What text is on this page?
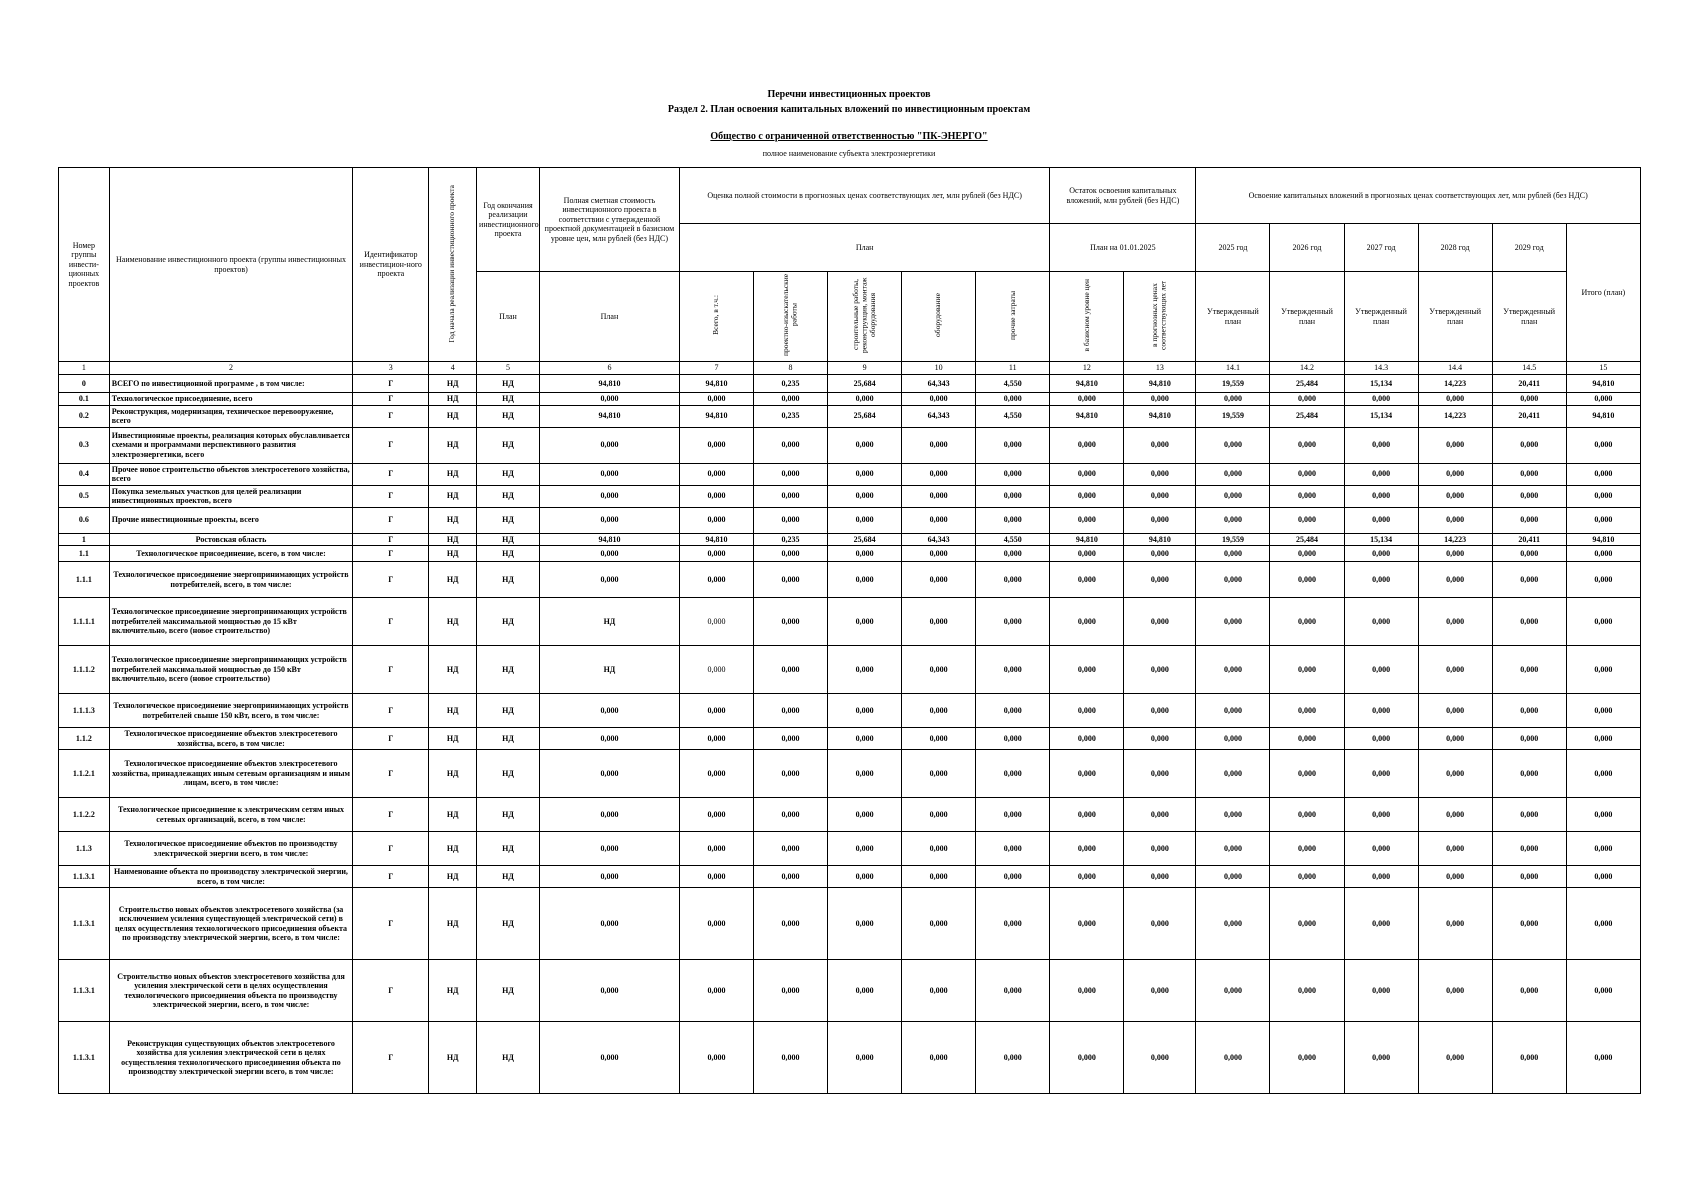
Перечни инвестиционных проектов
Раздел 2. План освоения капитальных вложений по инвестиционным проектам
Общество с ограниченной ответственностью "ПК-ЭНЕРГО"
полное наименование субъекта электроэнергетики
Номер группы инвести-ционных проектов	Наименование инвестиционного проекта (группы инвестиционных проектов)	Идентификатор инвестицион-ного проекта	Год начала реализации инвестиционного проекта	Год окончания реализации инвестиционного проекта	Полная сметная стоимость инвестиционного проекта в соответствии с утвержденной проектной документацией в базисном уровне цен, млн рублей (без НДС)	Оценка полной стоимости в прогнозных ценах соответствующих лет, млн рублей (без НДС)					Остаток освоения капитальных вложений, млн рублей (без НДС)		Освоение капитальных вложений в прогнозных ценах соответствующих лет, млн рублей (без НДС)					
						План					План на 01.01.2025		2025 год	2026 год	2027 год	2028 год	2029 год	Итого (план)
				План	План	Всего, в т.ч.:	проектно-изыскательские работы	строительные работы, реконструкция, монтаж оборудования	оборудование	прочие затраты	в базисном уровне цен	в прогнозных ценах соответствующих лет	Утвержденный план	Утвержденный план	Утвержденный план	Утвержденный план	Утвержденный план	
1	2	3	4	5	6	7	8	9	10	11	12	13	14.1	14.2	14.3	14.4	14.5	15
0	ВСЕГО по инвестиционной программе , в том числе:	Г	НД	НД	94,810	94,810	0,235	25,684	64,343	4,550	94,810	94,810	19,559	25,484	15,134	14,223	20,411	94,810
0.1	Технологическое присоединение, всего	Г	НД	НД	0,000	0,000	0,000	0,000	0,000	0,000	0,000	0,000	0,000	0,000	0,000	0,000	0,000	0,000
0.2	Реконструкция, модернизация, техническое перевооружение, всего	Г	НД	НД	94,810	94,810	0,235	25,684	64,343	4,550	94,810	94,810	19,559	25,484	15,134	14,223	20,411	94,810
0.3	Инвестиционные проекты, реализация которых обуславливается схемами и программами перспективного развития электроэнергетики, всего	Г	НД	НД	0,000	0,000	0,000	0,000	0,000	0,000	0,000	0,000	0,000	0,000	0,000	0,000	0,000	0,000
0.4	Прочее новое строительство объектов электросетевого хозяйства, всего	Г	НД	НД	0,000	0,000	0,000	0,000	0,000	0,000	0,000	0,000	0,000	0,000	0,000	0,000	0,000	0,000
0.5	Покупка земельных участков для целей реализации инвестиционных проектов, всего	Г	НД	НД	0,000	0,000	0,000	0,000	0,000	0,000	0,000	0,000	0,000	0,000	0,000	0,000	0,000	0,000
0.6	Прочие инвестиционные проекты, всего	Г	НД	НД	0,000	0,000	0,000	0,000	0,000	0,000	0,000	0,000	0,000	0,000	0,000	0,000	0,000	0,000
1	Ростовская область	Г	НД	НД	94,810	94,810	0,235	25,684	64,343	4,550	94,810	94,810	19,559	25,484	15,134	14,223	20,411	94,810
1.1	Технологическое присоединение, всего, в том числе:	Г	НД	НД	0,000	0,000	0,000	0,000	0,000	0,000	0,000	0,000	0,000	0,000	0,000	0,000	0,000	0,000
1.1.1	Технологическое присоединение энергопринимающих устройств потребителей, всего, в том числе:	Г	НД	НД	0,000	0,000	0,000	0,000	0,000	0,000	0,000	0,000	0,000	0,000	0,000	0,000	0,000	0,000
1.1.1.1	Технологическое присоединение энергопринимающих устройств потребителей максимальной мощностью до 15 кВт включительно, всего (новое строительство)	Г	НД	НД	НД	0,000	0,000	0,000	0,000	0,000	0,000	0,000	0,000	0,000	0,000	0,000	0,000	0,000
1.1.1.2	Технологическое присоединение энергопринимающих устройств потребителей максимальной мощностью до 150 кВт включительно, всего (новое строительство)	Г	НД	НД	НД	0,000	0,000	0,000	0,000	0,000	0,000	0,000	0,000	0,000	0,000	0,000	0,000	0,000
1.1.1.3	Технологическое присоединение энергопринимающих устройств потребителей свыше 150 кВт, всего, в том числе:	Г	НД	НД	0,000	0,000	0,000	0,000	0,000	0,000	0,000	0,000	0,000	0,000	0,000	0,000	0,000	0,000
1.1.2	Технологическое присоединение объектов электросетевого хозяйства, всего, в том числе:	Г	НД	НД	0,000	0,000	0,000	0,000	0,000	0,000	0,000	0,000	0,000	0,000	0,000	0,000	0,000	0,000
1.1.2.1	Технологическое присоединение объектов электросетевого хозяйства, принадлежащих иным сетевым организациям и иным лицам, всего, в том числе:	Г	НД	НД	0,000	0,000	0,000	0,000	0,000	0,000	0,000	0,000	0,000	0,000	0,000	0,000	0,000	0,000
1.1.2.2	Технологическое присоединение к электрическим сетям иных сетевых организаций, всего, в том числе:	Г	НД	НД	0,000	0,000	0,000	0,000	0,000	0,000	0,000	0,000	0,000	0,000	0,000	0,000	0,000	0,000
1.1.3	Технологическое присоединение объектов по производству электрической энергии всего, в том числе:	Г	НД	НД	0,000	0,000	0,000	0,000	0,000	0,000	0,000	0,000	0,000	0,000	0,000	0,000	0,000	0,000
1.1.3.1	Наименование объекта по производству электрической энергии, всего, в том числе:	Г	НД	НД	0,000	0,000	0,000	0,000	0,000	0,000	0,000	0,000	0,000	0,000	0,000	0,000	0,000	0,000
1.1.3.1	Строительство новых объектов электросетевого хозяйства (за исключением усиления существующей электрической сети) в целях осуществления технологического присоединения объекта по производству электрической энергии, всего, в том числе:	Г	НД	НД	0,000	0,000	0,000	0,000	0,000	0,000	0,000	0,000	0,000	0,000	0,000	0,000	0,000	0,000
1.1.3.1	Строительство новых объектов электросетевого хозяйства для усиления электрической сети в целях осуществления технологического присоединения объекта по производству электрической энергии, всего, в том числе:	Г	НД	НД	0,000	0,000	0,000	0,000	0,000	0,000	0,000	0,000	0,000	0,000	0,000	0,000	0,000	0,000
1.1.3.1	Реконструкция существующих объектов электросетевого хозяйства для усиления электрической сети в целях осуществления технологического присоединения объекта по производству электрической энергии всего, в том числе:	Г	НД	НД	0,000	0,000	0,000	0,000	0,000	0,000	0,000	0,000	0,000	0,000	0,000	0,000	0,000	0,000
